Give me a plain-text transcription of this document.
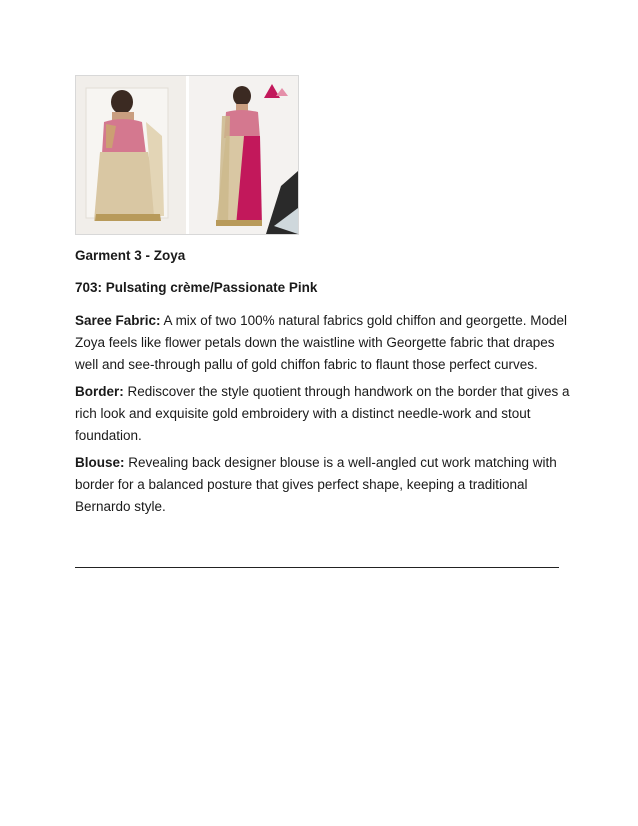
Garment 3 - Zoya

703: Pulsating crème/Passionate Pink

Saree Fabric: A mix of two 100% natural fabrics gold chiffon and georgette. Model Zoya feels like flower petals down the waistline with Georgette fabric that drapes well and see-through pallu of gold chiffon fabric to flaunt those perfect curves.

Border: Rediscover the style quotient through handwork on the border that gives a rich look and exquisite gold embroidery with a distinct needle-work and stout foundation.

Blouse: Revealing back designer blouse is a well-angled cut work matching with border for a balanced posture that gives perfect shape, keeping a traditional Bernardo style.
